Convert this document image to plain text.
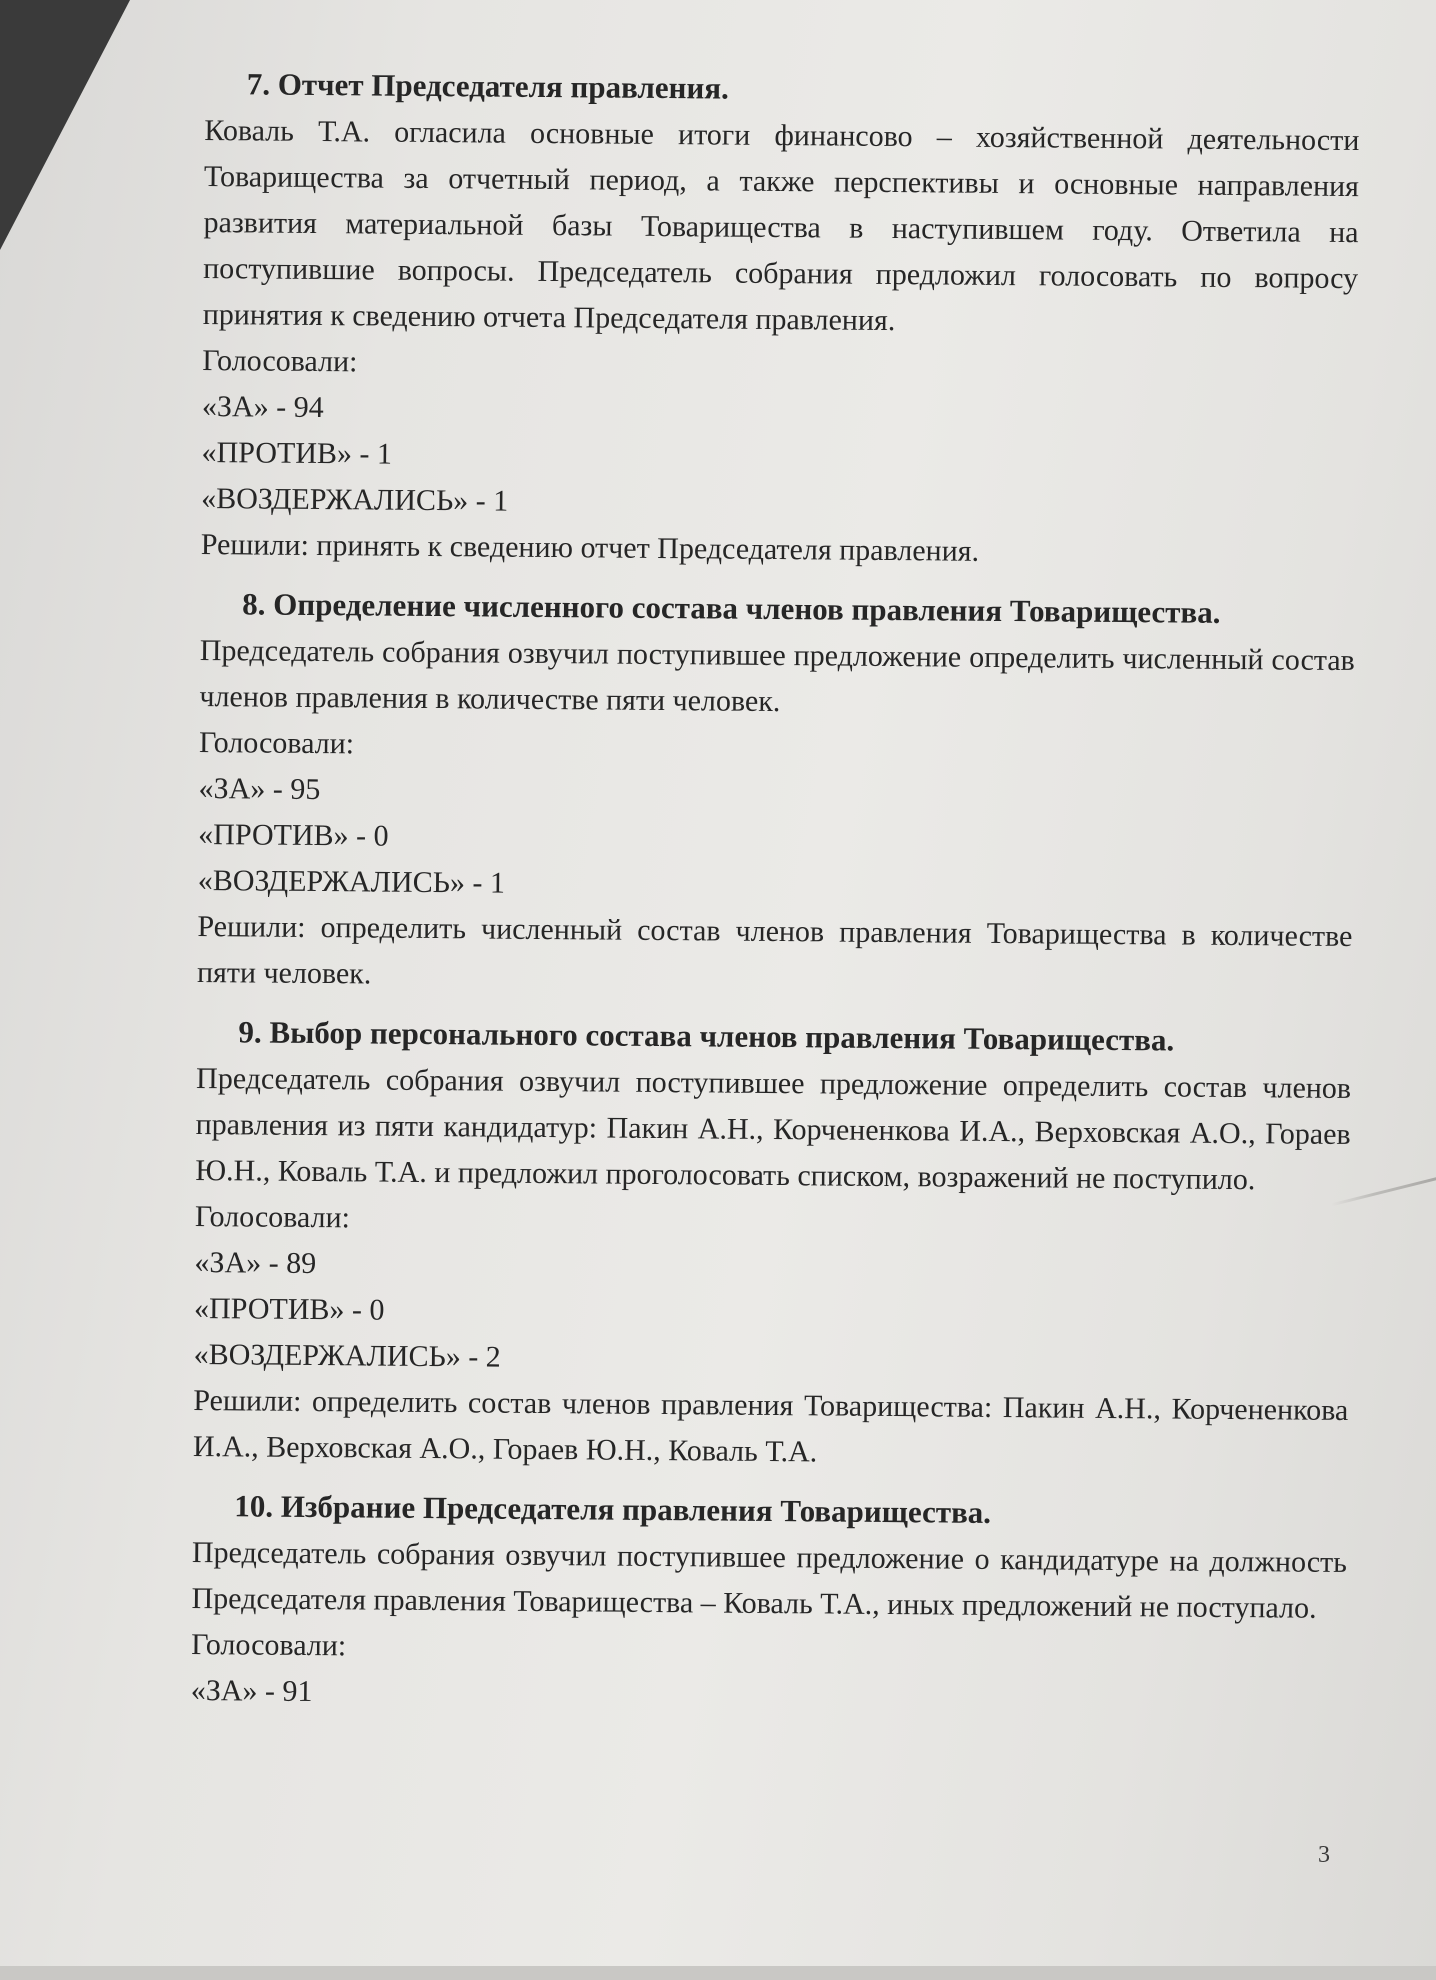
7. Отчет Председателя правления.

Коваль Т.А. огласила основные итоги финансово – хозяйственной деятельности Товарищества за отчетный период, а также перспективы и основные направления развития материальной базы Товарищества в наступившем году. Ответила на поступившие вопросы. Председатель собрания предложил голосовать по вопросу принятия к сведению отчета Председателя правления.

Голосовали:

«ЗА» - 94

«ПРОТИВ» - 1

«ВОЗДЕРЖАЛИСЬ» - 1

Решили: принять к сведению отчет Председателя правления.

8. Определение численного состава членов правления Товарищества.

Председатель собрания озвучил поступившее предложение определить численный состав членов правления в количестве пяти человек.

Голосовали:

«ЗА» - 95

«ПРОТИВ» - 0

«ВОЗДЕРЖАЛИСЬ» - 1

Решили: определить численный состав членов правления Товарищества в количестве пяти человек.

9. Выбор персонального состава членов правления Товарищества.

Председатель собрания озвучил поступившее предложение определить состав членов правления из пяти кандидатур: Пакин А.Н., Корчененкова И.А., Верховская А.О., Гораев Ю.Н., Коваль Т.А. и предложил проголосовать списком, возражений не поступило.

Голосовали:

«ЗА» - 89

«ПРОТИВ» - 0

«ВОЗДЕРЖАЛИСЬ» - 2

Решили: определить состав членов правления Товарищества: Пакин А.Н., Корчененкова И.А., Верховская А.О., Гораев Ю.Н., Коваль Т.А.

10. Избрание Председателя правления Товарищества.

Председатель собрания озвучил поступившее предложение о кандидатуре на должность Председателя правления Товарищества – Коваль Т.А., иных предложений не поступало.

Голосовали:

«ЗА» - 91

3
